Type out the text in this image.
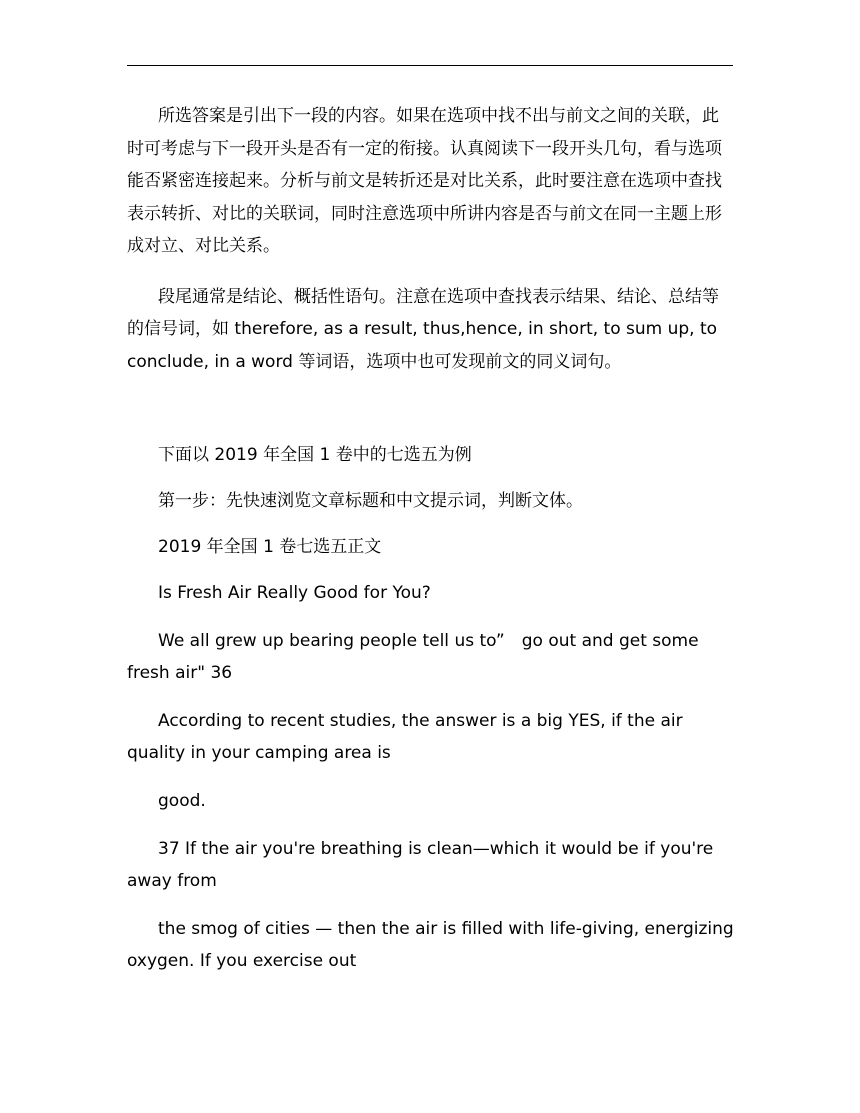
所选答案是引出下一段的内容。如果在选项中找不出与前文之间的关联，此时可考虑与下一段开头是否有一定的衔接。认真阅读下一段开头几句，看与选项能否紧密连接起来。分析与前文是转折还是对比关系，此时要注意在选项中查找表示转折、对比的关联词，同时注意选项中所讲内容是否与前文在同一主题上形成对立、对比关系。

段尾通常是结论、概括性语句。注意在选项中查找表示结果、结论、总结等的信号词，如 therefore, as a result, thus,hence, in short, to sum up, to conclude, in a word 等词语，选项中也可发现前文的同义词句。

下面以 2019 年全国 1 卷中的七选五为例

第一步：先快速浏览文章标题和中文提示词，判断文体。

2019 年全国 1 卷七选五正文

Is Fresh Air Really Good for You?

We all grew up bearing people tell us to”　go out and get some fresh air" 36

According to recent studies, the answer is a big YES, if the air quality in your camping area is

good.

37 If the air you're breathing is clean—which it would be if you're away from

the smog of cities — then the air is filled with life-giving, energizing oxygen. If you exercise out
